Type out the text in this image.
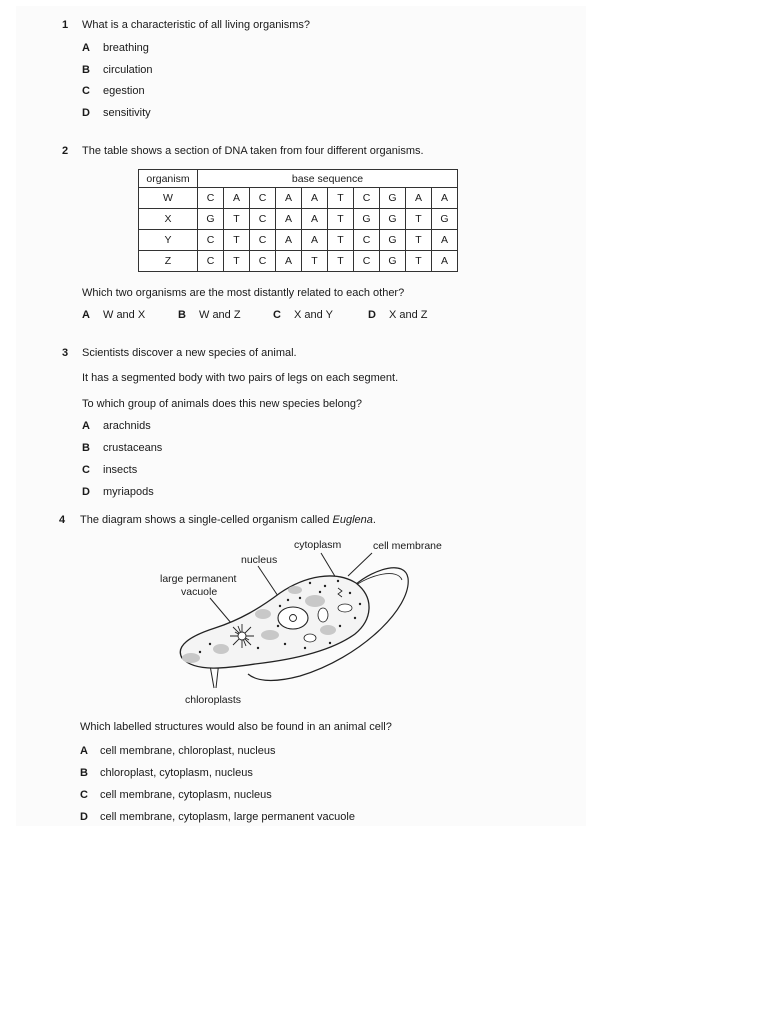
1 What is a characteristic of all living organisms?
A breathing
B circulation
C egestion
D sensitivity
2 The table shows a section of DNA taken from four different organisms.
organism	base sequence									
W	C	A	C	A	A	T	C	G	A	A
X	G	T	C	A	A	T	G	G	T	G
Y	C	T	C	A	A	T	C	G	T	A
Z	C	T	C	A	T	T	C	G	T	A
Which two organisms are the most distantly related to each other?
A W and X	B W and Z	C X and Y	D X and Z
3 Scientists discover a new species of animal.
It has a segmented body with two pairs of legs on each segment.
To which group of animals does this new species belong?
A arachnids
B crustaceans
C insects
D myriapods
4 The diagram shows a single-celled organism called Euglena.
cytoplasm	cell membrane
nucleus
large permanent
vacuole
chloroplasts
Which labelled structures would also be found in an animal cell?
A cell membrane, chloroplast, nucleus
B chloroplast, cytoplasm, nucleus
C cell membrane, cytoplasm, nucleus
D cell membrane, cytoplasm, large permanent vacuole
